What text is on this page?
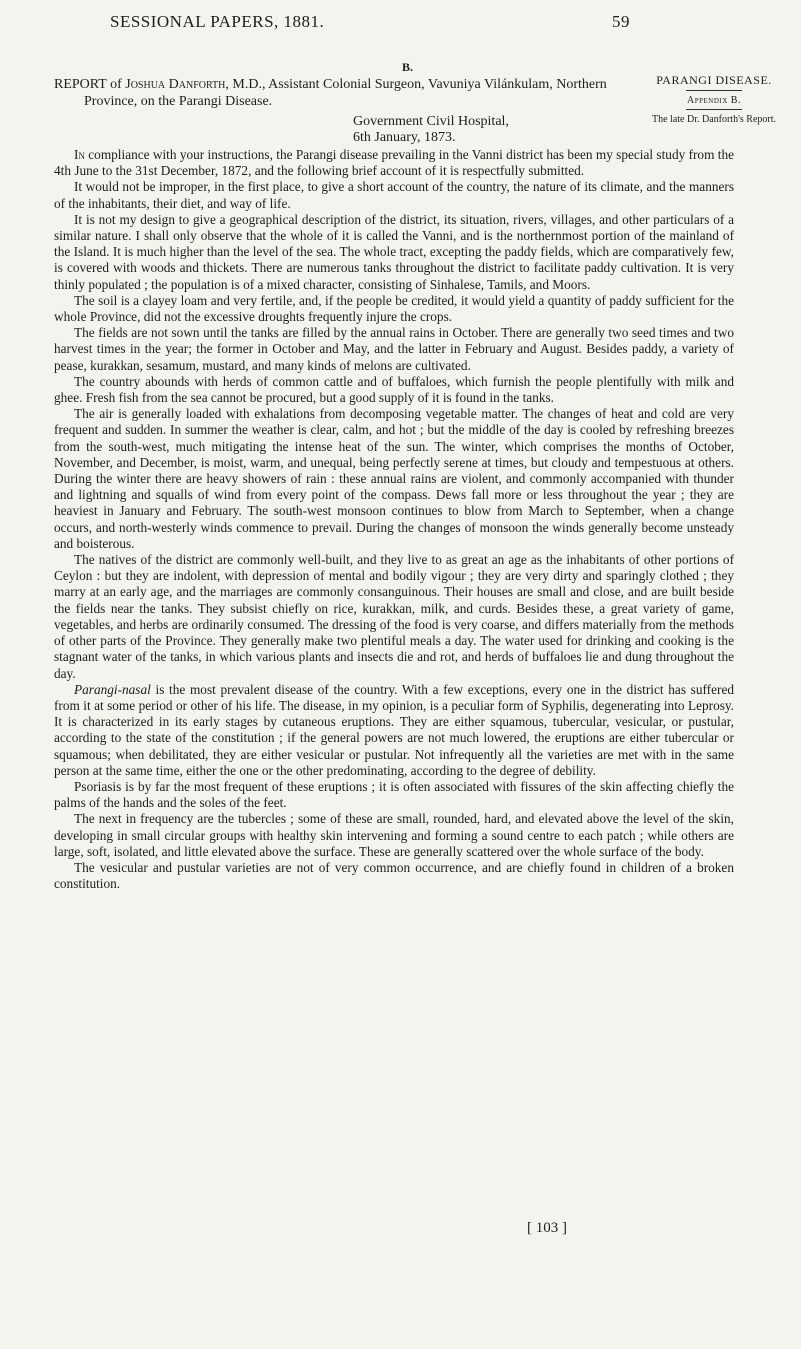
SESSIONAL PAPERS, 1881.	59
B.

REPORT of Joshua Danforth, M.D., Assistant Colonial Surgeon, Vavuniya Vilánkulam, Northern Province, on the Parangi Disease.

Government Civil Hospital,
6th January, 1873.

PARANGI DISEASE.

Appendix B.

The late Dr. Danforth's Report.

In compliance with your instructions, the Parangi disease prevailing in the Vanni district has been my special study from the 4th June to the 31st December, 1872, and the following brief account of it is respectfully submitted.

It would not be improper, in the first place, to give a short account of the country, the nature of its climate, and the manners of the inhabitants, their diet, and way of life.

It is not my design to give a geographical description of the district, its situation, rivers, villages, and other particulars of a similar nature. I shall only observe that the whole of it is called the Vanni, and is the northernmost portion of the mainland of the Island. It is much higher than the level of the sea. The whole tract, excepting the paddy fields, which are comparatively few, is covered with woods and thickets. There are numerous tanks throughout the district to facilitate paddy cultivation. It is very thinly populated ; the population is of a mixed character, consisting of Sinhalese, Tamils, and Moors.

The soil is a clayey loam and very fertile, and, if the people be credited, it would yield a quantity of paddy sufficient for the whole Province, did not the excessive droughts frequently injure the crops.

The fields are not sown until the tanks are filled by the annual rains in October. There are generally two seed times and two harvest times in the year; the former in October and May, and the latter in February and August. Besides paddy, a variety of pease, kurakkan, sesamum, mustard, and many kinds of melons are cultivated.

The country abounds with herds of common cattle and of buffaloes, which furnish the people plentifully with milk and ghee. Fresh fish from the sea cannot be procured, but a good supply of it is found in the tanks.

The air is generally loaded with exhalations from decomposing vegetable matter. The changes of heat and cold are very frequent and sudden. In summer the weather is clear, calm, and hot ; but the middle of the day is cooled by refreshing breezes from the south-west, much mitigating the intense heat of the sun. The winter, which comprises the months of October, November, and December, is moist, warm, and unequal, being perfectly serene at times, but cloudy and tempestuous at others. During the winter there are heavy showers of rain : these annual rains are violent, and commonly accompanied with thunder and lightning and squalls of wind from every point of the compass. Dews fall more or less throughout the year ; they are heaviest in January and February. The south-west monsoon continues to blow from March to September, when a change occurs, and north-westerly winds commence to prevail. During the changes of monsoon the winds generally become unsteady and boisterous.

The natives of the district are commonly well-built, and they live to as great an age as the inhabitants of other portions of Ceylon : but they are indolent, with depression of mental and bodily vigour ; they are very dirty and sparingly clothed ; they marry at an early age, and the marriages are commonly consanguinous. Their houses are small and close, and are built beside the fields near the tanks. They subsist chiefly on rice, kurakkan, milk, and curds. Besides these, a great variety of game, vegetables, and herbs are ordinarily consumed. The dressing of the food is very coarse, and differs materially from the methods of other parts of the Province. They generally make two plentiful meals a day. The water used for drinking and cooking is the stagnant water of the tanks, in which various plants and insects die and rot, and herds of buffaloes lie and dung throughout the day.

Parangi-nasal is the most prevalent disease of the country. With a few exceptions, every one in the district has suffered from it at some period or other of his life. The disease, in my opinion, is a peculiar form of Syphilis, degenerating into Leprosy. It is characterized in its early stages by cutaneous eruptions. They are either squamous, tubercular, vesicular, or pustular, according to the state of the constitution ; if the general powers are not much lowered, the eruptions are either tubercular or squamous; when debilitated, they are either vesicular or pustular. Not infrequently all the varieties are met with in the same person at the same time, either the one or the other predominating, according to the degree of debility.

Psoriasis is by far the most frequent of these eruptions ; it is often associated with fissures of the skin affecting chiefly the palms of the hands and the soles of the feet.

The next in frequency are the tubercles ; some of these are small, rounded, hard, and elevated above the level of the skin, developing in small circular groups with healthy skin intervening and forming a sound centre to each patch ; while others are large, soft, isolated, and little elevated above the surface. These are generally scattered over the whole surface of the body.

The vesicular and pustular varieties are not of very common occurrence, and are chiefly found in children of a broken constitution.

[ 103 ]
